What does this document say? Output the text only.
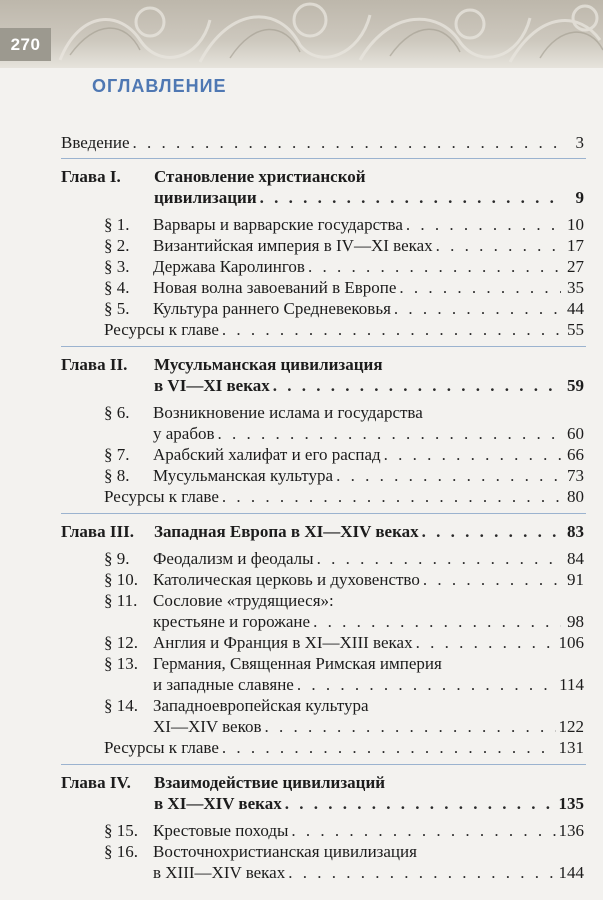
270
ОГЛАВЛЕНИЕ

Введение . . .	3
Глава I. Становление христианской
цивилизации . . .	9
§ 1. Варвары и варварские государства . . .	10
§ 2. Византийская империя в IV—XI веках . . .	17
§ 3. Держава Каролингов . . .	27
§ 4. Новая волна завоеваний в Европе . . .	35
§ 5. Культура раннего Средневековья . . .	44
Ресурсы к главе . . .	55
Глава II. Мусульманская цивилизация
в VI—XI веках . . .	59
§ 6. Возникновение ислама и государства
у арабов . . .	60
§ 7. Арабский халифат и его распад . . .	66
§ 8. Мусульманская культура . . .	73
Ресурсы к главе . . .	80
Глава III. Западная Европа в XI—XIV веках . . .	83
§ 9. Феодализм и феодалы . . .	84
§ 10. Католическая церковь и духовенство . . .	91
§ 11. Сословие «трудящиеся»:
крестьяне и горожане . . .	98
§ 12. Англия и Франция в XI—XIII веках . . .	106
§ 13. Германия, Священная Римская империя
и западные славяне . . .	114
§ 14. Западноевропейская культура
XI—XIV веков . . .	122
Ресурсы к главе . . .	131
Глава IV. Взаимодействие цивилизаций
в XI—XIV веках . . .	135
§ 15. Крестовые походы . . .	136
§ 16. Восточнохристианская цивилизация
в XIII—XIV веках . . .	144
